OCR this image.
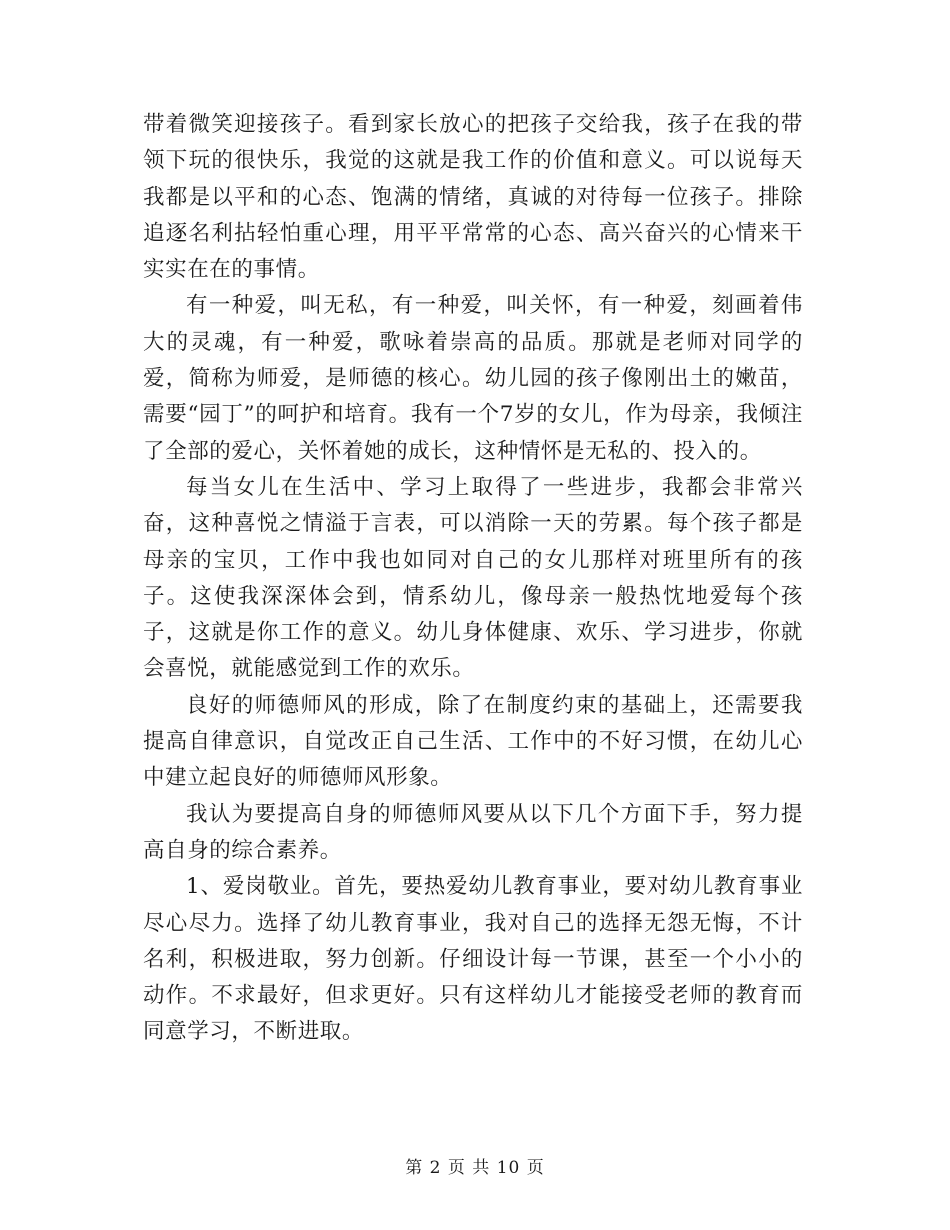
带着微笑迎接孩子。看到家长放心的把孩子交给我，孩子在我的带领下玩的很快乐，我觉的这就是我工作的价值和意义。可以说每天我都是以平和的心态、饱满的情绪，真诚的对待每一位孩子。排除追逐名利拈轻怕重心理，用平平常常的心态、高兴奋兴的心情来干实实在在的事情。

有一种爱，叫无私，有一种爱，叫关怀，有一种爱，刻画着伟大的灵魂，有一种爱，歌咏着崇高的品质。那就是老师对同学的爱，简称为师爱，是师德的核心。幼儿园的孩子像刚出土的嫩苗，需要“园丁”的呵护和培育。我有一个7岁的女儿，作为母亲，我倾注了全部的爱心，关怀着她的成长，这种情怀是无私的、投入的。

每当女儿在生活中、学习上取得了一些进步，我都会非常兴奋，这种喜悦之情溢于言表，可以消除一天的劳累。每个孩子都是母亲的宝贝，工作中我也如同对自己的女儿那样对班里所有的孩子。这使我深深体会到，情系幼儿，像母亲一般热忱地爱每个孩子，这就是你工作的意义。幼儿身体健康、欢乐、学习进步，你就会喜悦，就能感觉到工作的欢乐。

良好的师德师风的形成，除了在制度约束的基础上，还需要我提高自律意识，自觉改正自己生活、工作中的不好习惯，在幼儿心中建立起良好的师德师风形象。

我认为要提高自身的师德师风要从以下几个方面下手，努力提高自身的综合素养。

1、爱岗敬业。首先，要热爱幼儿教育事业，要对幼儿教育事业尽心尽力。选择了幼儿教育事业，我对自己的选择无怨无悔，不计名利，积极进取，努力创新。仔细设计每一节课，甚至一个小小的动作。不求最好，但求更好。只有这样幼儿才能接受老师的教育而同意学习，不断进取。

第 2 页 共 10 页
